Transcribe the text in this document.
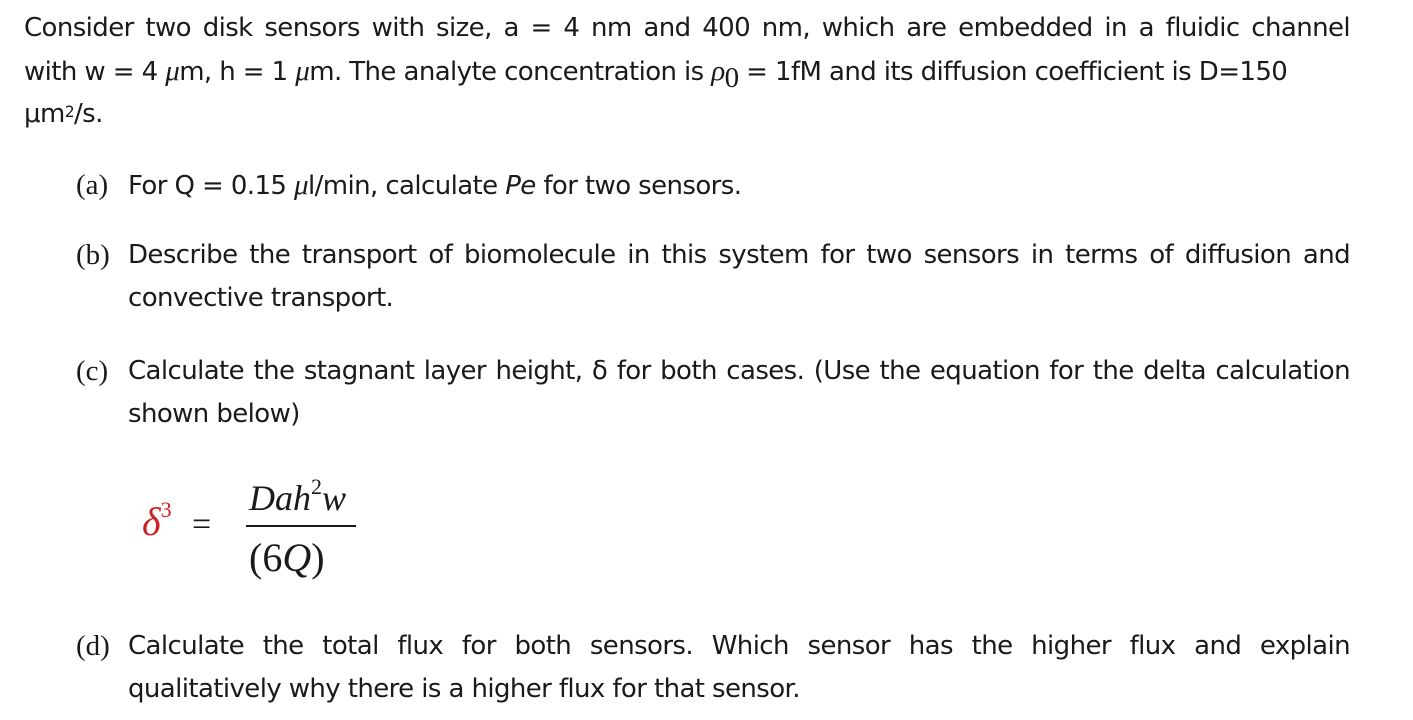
Consider two disk sensors with size, a = 4 nm and 400 nm, which are embedded in a fluidic channel
with w = 4 μm, h = 1 μm. The analyte concentration is $\rho_0 = 1fM$ and its diffusion coefficient is D=150
$\mu m^2/s$.
(a) For Q = 0.15 μl/min, calculate Pe for two sensors.
(b) Describe the transport of biomolecule in this system for two sensors in terms of diffusion and
convective transport.
(c) Calculate the stagnant layer height, δ for both cases. (Use the equation for the delta calculation
shown below)
$\delta^3$ =
Dah$^2$w
(6Q)
(d) Calculate the total flux for both sensors. Which sensor has the higher flux and explain
qualitatively why there is a higher flux for that sensor.
